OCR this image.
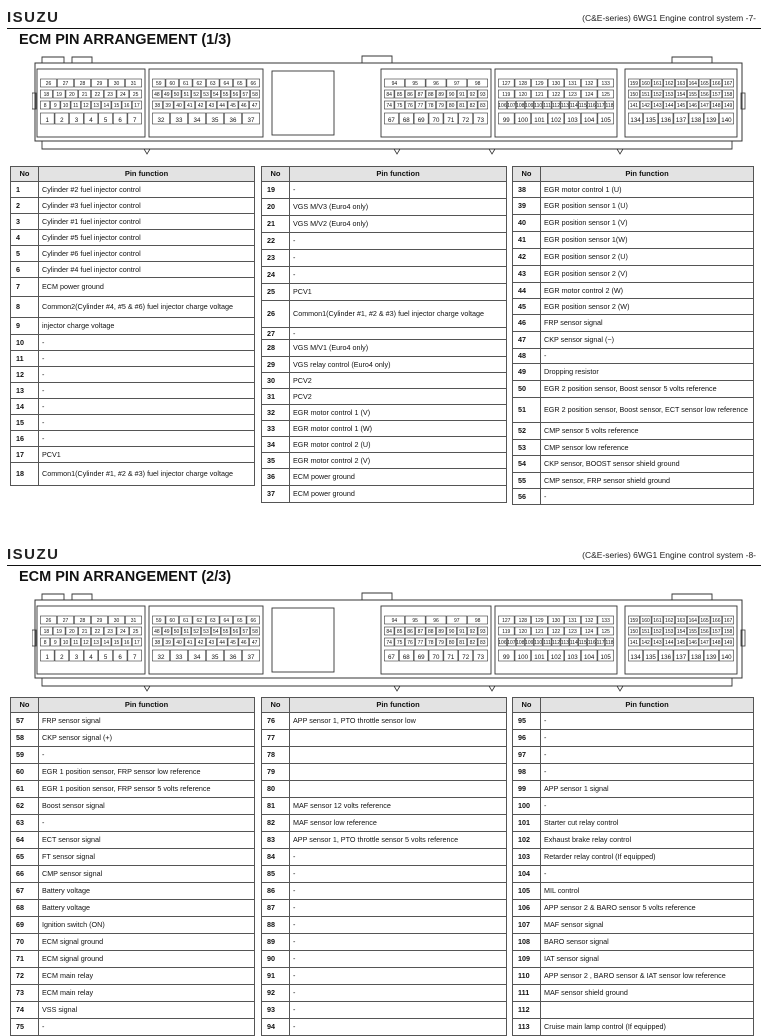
ISUZU	(C&E-series) 6WG1 Engine control system -7-
ECM PIN ARRANGEMENT (1/3)
26 27 28 29 30 31
18 19 20 21 22 23 24 25
8 9 10 11 12 13 14 15 16 17
1 2 3 4 5 6 7
59 60 61 62 63 64 65 66
48 49 50 51 52 53 54 55 56 57 58
38 39 40 41 42 43 44 45 46 47
32 33 34 35 36 37
94	95	96	97	98
84 85 86 87 88 89 90 91 92 93
74 75 76 77 78 79 80 81 82 83
67 68 69 70 71 72 73
127 128 129 130 131 132 133
119 120 121 122 123 124 125
106 107 108 109 110 111 112 113 114 115 116 117 118
99 100 101 102 103 104 105
159 160 161 162 163 164 165 166 167
150 151 152 153 154 155 156 157 158
141 142 143 144 145 146 147 148 149
134 135 136 137 138 139 140
No	Pin function
1	Cylinder #2 fuel injector control
2	Cylinder #3 fuel injector control
3	Cylinder #1 fuel injector control
4	Cylinder #5 fuel injector control
5	Cylinder #6 fuel injector control
6	Cylinder #4 fuel injector control
7	ECM power ground
8	Common2(Cylinder #4, #5 & #6) fuel injector charge voltage
9	injector charge voltage
10	-
11	-
12	-
13	-
14	-
15	-
16	-
17	PCV1
18	Common1(Cylinder #1, #2 & #3) fuel injector charge voltage
No	Pin function
19	-
20	VGS M/V3 (Euro4 only)
21	VGS M/V2 (Euro4 only)
22	-
23	-
24	-
25	PCV1
26	Common1(Cylinder #1, #2 & #3) fuel injector charge voltage
27	-
28	VGS M/V1 (Euro4 only)
29	VGS relay control (Euro4 only)
30	PCV2
31	PCV2
32	EGR motor control 1 (V)
33	EGR motor control 1 (W)
34	EGR motor control 2 (U)
35	EGR motor control 2 (V)
36	ECM power ground
37	ECM power ground
No	Pin function
38	EGR motor control 1 (U)
39	EGR position sensor 1 (U)
40	EGR position sensor 1 (V)
41	EGR position sensor 1(W)
42	EGR position sensor 2 (U)
43	EGR position sensor 2 (V)
44	EGR motor control 2 (W)
45	EGR position sensor 2 (W)
46	FRP sensor signal
47	CKP sensor signal (−)
48	-
49	Dropping resistor
50	EGR 2 position sensor, Boost sensor 5 volts reference
51	EGR 2 position sensor, Boost sensor, ECT sensor low reference
52	CMP sensor 5 volts reference
53	CMP sensor low reference
54	CKP sensor, BOOST sensor shield ground
55	CMP sensor, FRP sensor shield ground
56	-
ISUZU	(C&E-series) 6WG1 Engine control system -8-
ECM PIN ARRANGEMENT (2/3)
26 27 28 29 30 31
18 19 20 21 22 23 24 25
8 9 10 11 12 13 14 15 16 17
1 2 3 4 5 6 7
59 60 61 62 63 64 65 66
48 49 50 51 52 53 54 55 56 57 58
38 39 40 41 42 43 44 45 46 47
32 33 34 35 36 37
94	95	96	97	98
84 85 86 87 88 89 90 91 92 93
74 75 76 77 78 79 80 81 82 83
67 68 69 70 71 72 73
127 128 129 130 131 132 133
119 120 121 122 123 124 125
106 107 108 109 110 111 112 113 114 115 116 117 118
99 100 101 102 103 104 105
159 160 161 162 163 164 165 166 167
150 151 152 153 154 155 156 157 158
141 142 143 144 145 146 147 148 149
134 135 136 137 138 139 140
No	Pin function
57	FRP sensor signal
58	CKP sensor signal (+)
59	-
60	EGR 1 position sensor, FRP sensor low reference
61	EGR 1 position sensor, FRP sensor 5 volts reference
62	Boost sensor signal
63	-
64	ECT sensor signal
65	FT sensor signal
66	CMP sensor signal
67	Battery voltage
68	Battery voltage
69	Ignition switch (ON)
70	ECM signal ground
71	ECM signal ground
72	ECM main relay
73	ECM main relay
74	VSS signal
75	-
No	Pin function
76	APP sensor 1, PTO throttle sensor low
77	
78	
79	
80	
81	MAF sensor 12 volts reference
82	MAF sensor low reference
83	APP sensor 1, PTO throttle sensor 5 volts reference
84	-
85	-
86	-
87	-
88	-
89	-
90	-
91	-
92	-
93	-
94	-
No	Pin function
95	-
96	-
97	-
98	-
99	APP sensor 1 signal
100	-
101	Starter cut relay control
102	Exhaust brake relay control
103	Retarder relay control (If equipped)
104	-
105	MIL control
106	APP sensor 2 & BARO sensor 5 volts reference
107	MAF sensor signal
108	BARO sensor signal
109	IAT sensor signal
110	APP sensor 2 , BARO sensor & IAT sensor low reference
111	MAF sensor shield ground
112	
113	Cruise main lamp control (If equipped)
